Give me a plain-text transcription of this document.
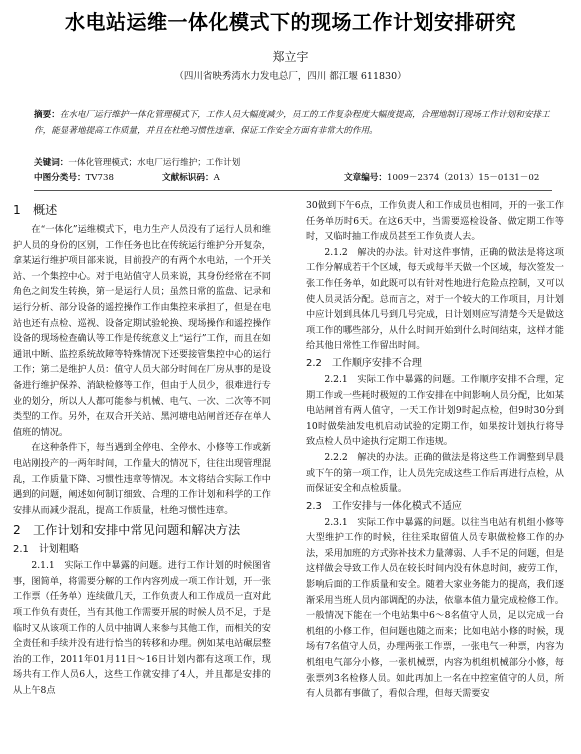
水电站运维一体化模式下的现场工作计划安排研究
郑立宇
（四川省映秀湾水力发电总厂，四川 都江堰 611830）
摘要：在水电厂运行维护一体化管理模式下，工作人员大幅度减少，员工的工作复杂程度大幅度提高，合理地制订现场工作计划和安排工作，能显著地提高工作质量，并且在杜绝习惯性违章、保证工作安全方面有非常大的作用。
关键词：一体化管理模式；水电厂运行维护；工作计划
中图分类号：TV738	文献标识码：A	文章编号：1009－2374（2013）15－0131－02
1　概述

在“一体化”运维模式下，电力生产人员没有了运行人员和维护人员的身份的区别，工作任务也比在传统运行维护分开复杂，拿某运行维护项目部来说，目前投产的有两个水电站，一个开关站、一个集控中心。对于电站值守人员来说，其身份经常在不同角色之间发生转换，第一是运行人员；虽然日常的监盘、记录和运行分析、部分设备的遥控操作工作由集控来承担了，但是在电站也还有点检、巡视、设备定期试验轮换、现场操作和遥控操作设备的现场检查确认等工作是传统意义上“运行”工作，而且在如通讯中断、监控系统故障等特殊情况下还要接管集控中心的运行工作；第二是维护人员：值守人员大部分时间在厂房从事的是设备进行维护保养、消缺检修等工作，但由于人员少，很难进行专业的划分，所以人人都可能参与机械、电气、一次、二次等不同类型的工作。另外，在双合开关站、黑河塘电站闸首还存在单人值班的情况。

在这种条件下，每当遇到全停电、全停水、小修等工作或新电站刚投产的一两年时间，工作量大的情况下，往往出现管理混乱，工作质量下降、习惯性违章等情况。本文将结合实际工作中遇到的问题，阐述如何制订细致、合理的工作计划和科学的工作安排从而减少混乱，提高工作质量，杜绝习惯性违章。

2　工作计划和安排中常见问题和解决方法
2.1　计划粗略

2.1.1　实际工作中暴露的问题。进行工作计划的时候图省事，图简单，将需要分解的工作内容列成一项工作计划，开一张工作票（任务单）连续做几天，工作负责人和工作成员一直对此项工作负有责任，当有其他工作需要开展的时候人员不足，于是临时又从该项工作的人员中抽调人来参与其他工作，而相关的安全责任和手续并没有进行恰当的转移和办理。例如某电站碾层整治的工作，2011年01月11日～16日计划内都有这项工作，现场共有工作人员6人，这些工作就安排了4人，并且都是安排的从上午8点

30做到下午6点，工作负责人和工作成员也相同，开的一张工作任务单历时6天。在这6天中，当需要巡检设备、做定期工作等时，又临时抽工作成员甚至工作负责人去。

2.1.2　解决的办法。针对这件事情，正确的做法是将这项工作分解成若干个区域，每天或每半天做一个区域，每次签发一张工作任务单，如此既可以有针对性地进行危险点控制，又可以使人员灵活分配。总而言之，对于一个较大的工作项目，月计划中应计划到具体几号到几号完成，日计划则应写清楚今天是做这项工作的哪些部分，从什么时间开始到什么时间结束，这样才能给其他日常性工作留出时间。

2.2　工作顺序安排不合理

2.2.1　实际工作中暴露的问题。工作顺序安排不合理，定期工作或一些耗时极短的工作安排在中间影响人员分配，比如某电站闸首有两人值守，一天工作计划9时起点检，但9时30分到10时做柴油发电机启动试验的定期工作，如果按计划执行将导致点检人员中途执行定期工作违规。

2.2.2　解决的办法。正确的做法是将这些工作调整到早晨或下午的第一项工作，让人员先完成这些工作后再进行点检，从而保证安全和点检质量。

2.3　工作安排与一体化模式不适应

2.3.1　实际工作中暴露的问题。以往当电站有机组小修等大型维护工作的时候，往往采取留值人员专职做检修工作的办法，采用加班的方式弥补技术力量薄弱、人手不足的问题，但是这样做会导致工作人员在较长时间内没有休息时间，疲劳工作，影响后面的工作质量和安全。随着大家业务能力的提高，我们逐渐采用当班人员内部调配的办法，依靠本值力量完成检修工作。一般情况下能在一个电站集中6～8名值守人员，足以完成一台机组的小修工作，但问题也随之而来；比如电站小修的时候，现场有7名值守人员，办理两张工作票，一张电气一种票，内容为机组电气部分小修，一张机械票，内容为机组机械部分小修，每张票列3名检修人员。如此再加上一名在中控室值守的人员，所有人员都有事做了，看似合理，但每天需要安
